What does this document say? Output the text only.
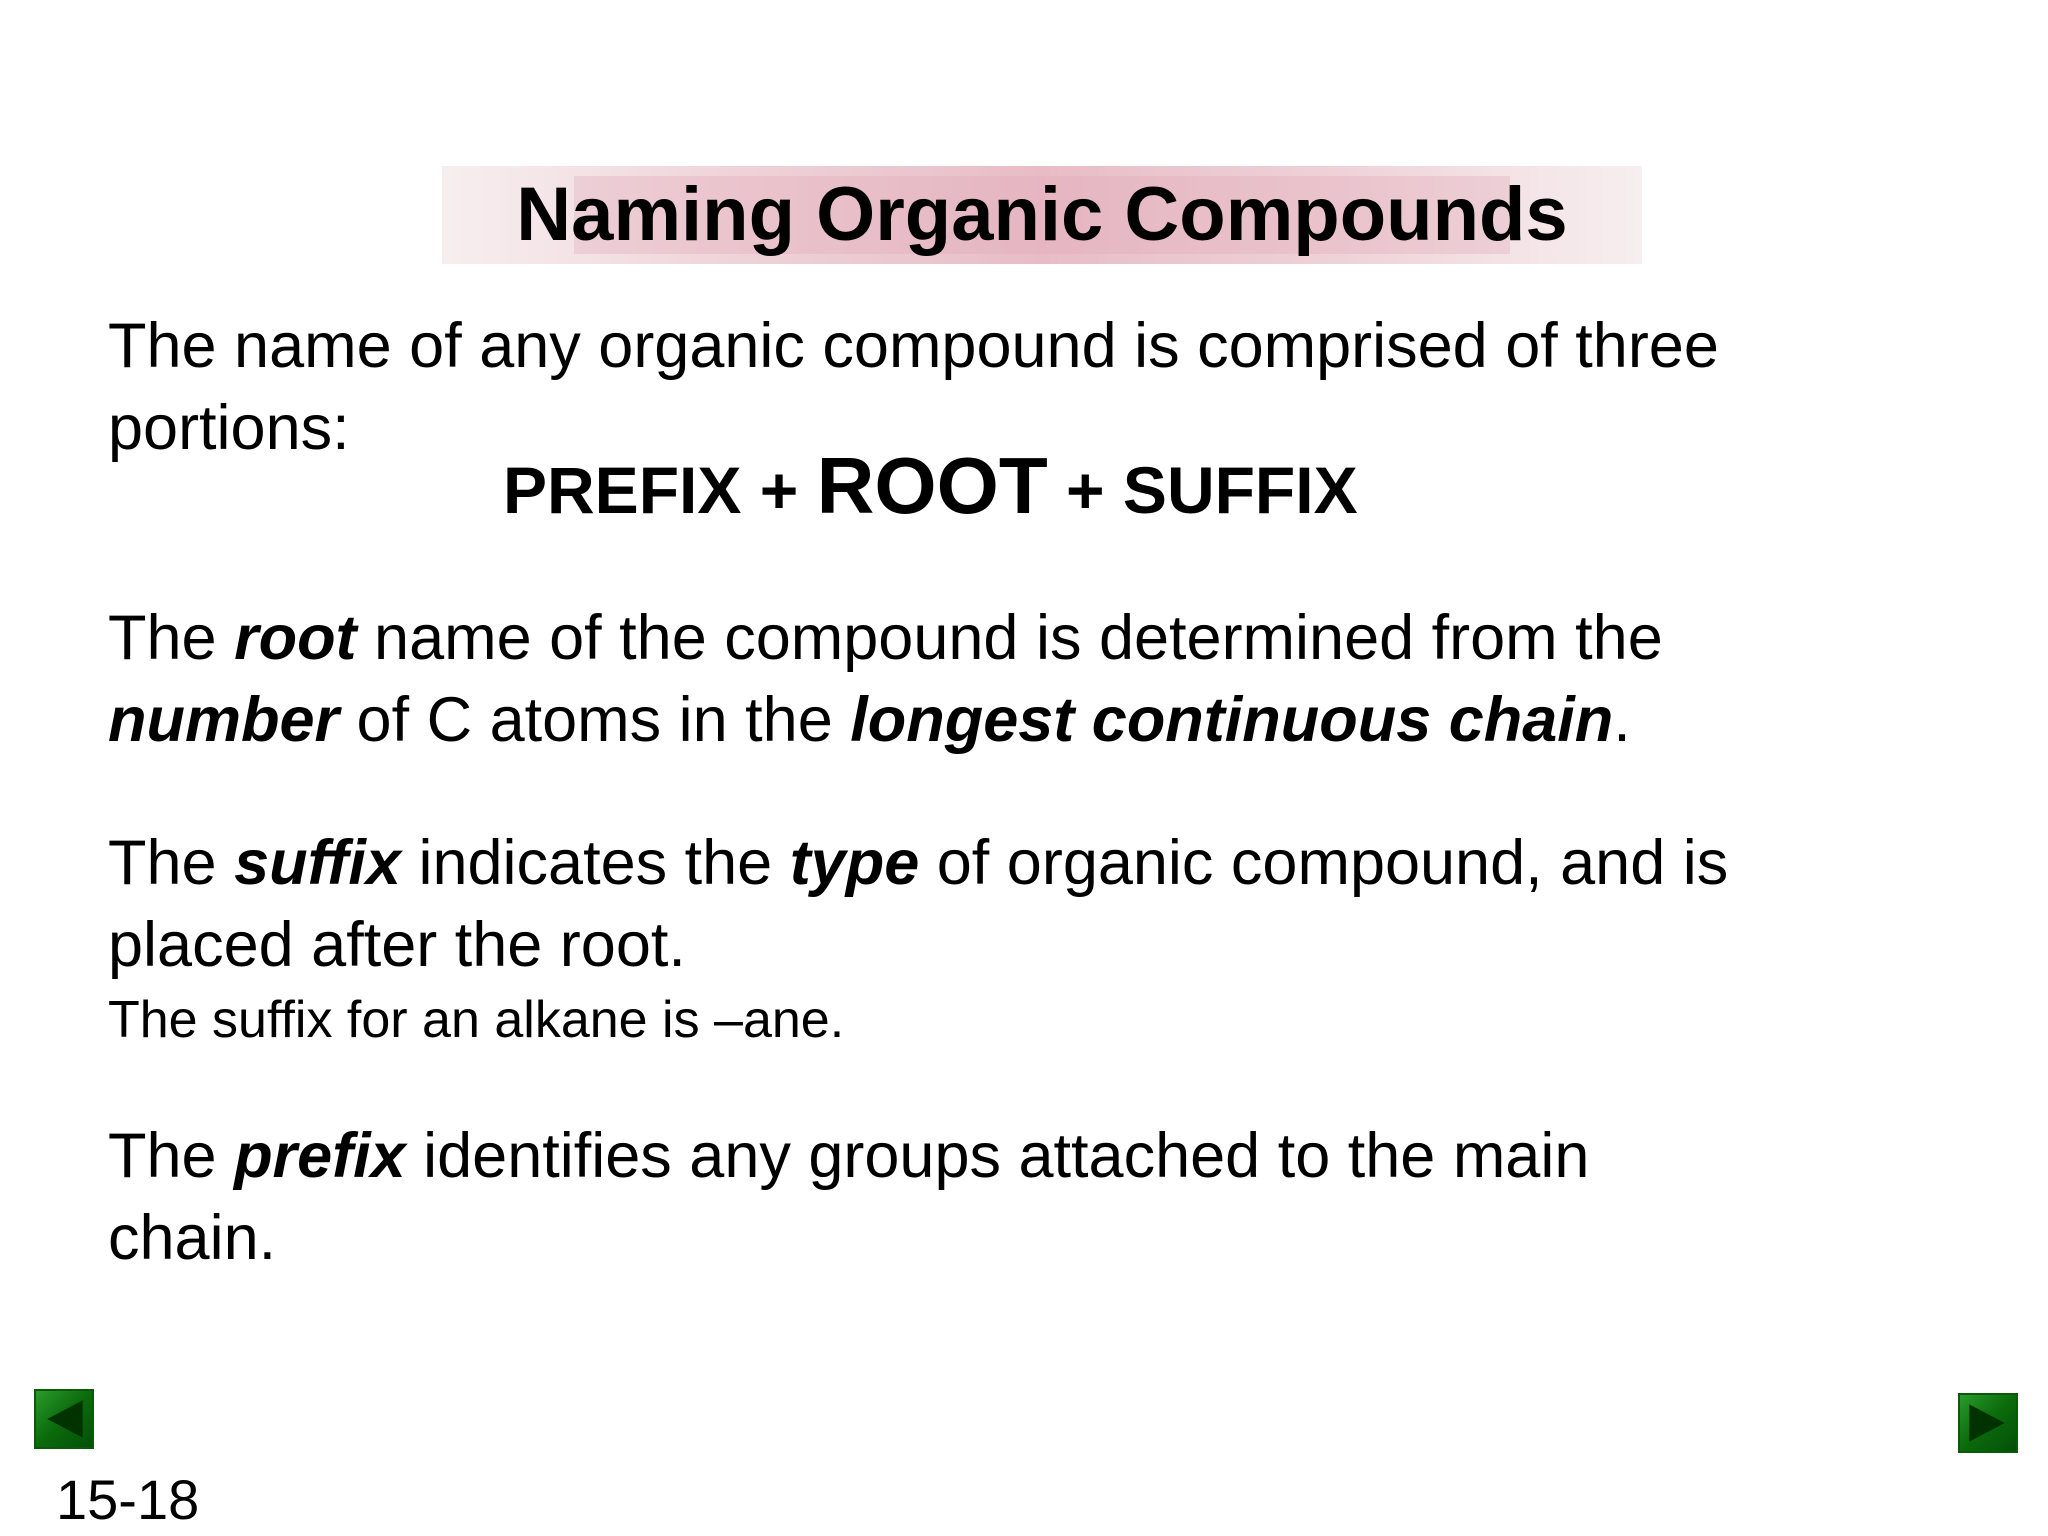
Naming Organic Compounds

The name of any organic compound is comprised of three
portions:

PREFIX + ROOT + SUFFIX

The root name of the compound is determined from the
number of C atoms in the longest continuous chain.

The suffix indicates the type of organic compound, and is
placed after the root.

The suffix for an alkane is –ane.

The prefix identifies any groups attached to the main
chain.

15-18
